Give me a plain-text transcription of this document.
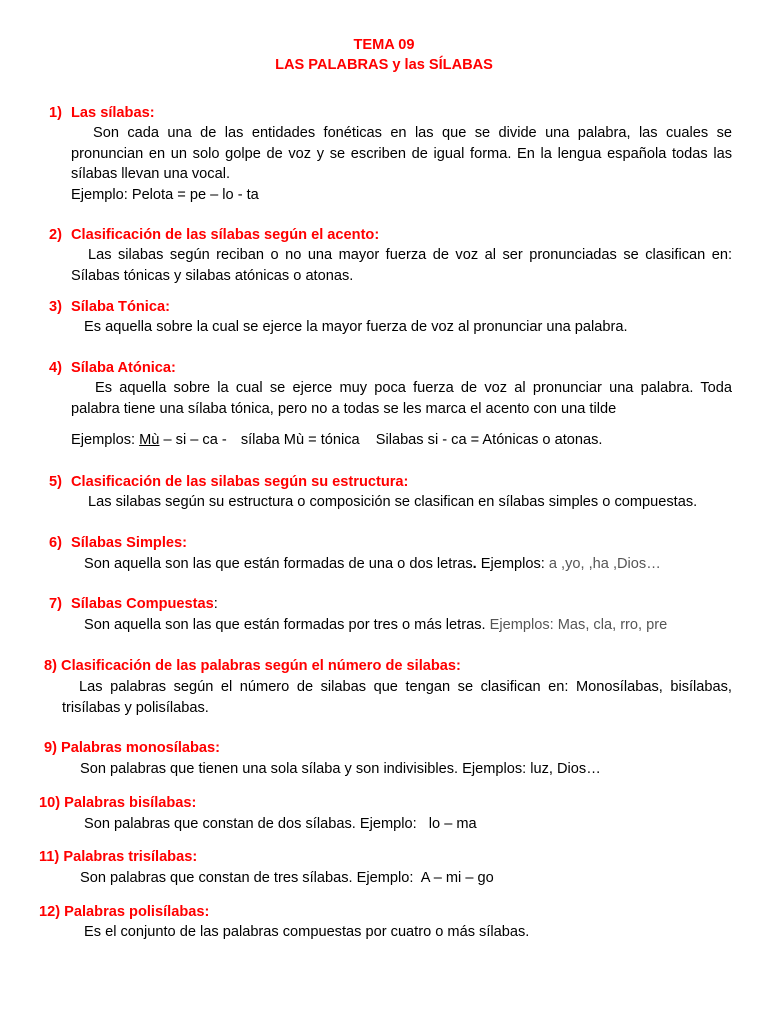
TEMA 09
LAS PALABRAS y las SÍLABAS
1) Las sílabas:
Son cada una de las entidades fonéticas en las que se divide una palabra, las cuales se pronuncian en un solo golpe de voz y se escriben de igual forma. En la lengua española todas las sílabas llevan una vocal.
Ejemplo: Pelota = pe – lo - ta
2) Clasificación de las sílabas según el acento:
Las silabas según reciban o no una mayor fuerza de voz al ser pronunciadas se clasifican en: Sílabas tónicas y silabas atónicas o atonas.
3) Sílaba Tónica:
Es aquella sobre la cual se ejerce la mayor fuerza de voz al pronunciar una palabra.
4) Sílaba Atónica:
Es aquella sobre la cual se ejerce muy poca fuerza de voz al pronunciar una palabra. Toda palabra tiene una sílaba tónica, pero no a todas se les marca el acento con una tilde
Ejemplos: Mù – si – ca - sílaba Mù = tónica Silabas si - ca = Atónicas o atonas.
5) Clasificación de las silabas según su estructura:
Las silabas según su estructura o composición se clasifican en sílabas simples o compuestas.
6) Sílabas Simples:
Son aquella son las que están formadas de una o dos letras. Ejemplos: a ,yo, ,ha ,Dios…
7) Sílabas Compuestas:
Son aquella son las que están formadas por tres o más letras. Ejemplos: Mas, cla, rro, pre
8) Clasificación de las palabras según el número de silabas:
Las palabras según el número de silabas que tengan se clasifican en: Monosílabas, bisílabas, trisílabas y polisílabas.
9) Palabras monosílabas:
Son palabras que tienen una sola sílaba y son indivisibles. Ejemplos: luz, Dios…
10) Palabras bisílabas:
Son palabras que constan de dos sílabas. Ejemplo:   lo – ma
11) Palabras trisílabas:
Son palabras que constan de tres sílabas. Ejemplo:  A – mi – go
12) Palabras polisílabas:
Es el conjunto de las palabras compuestas por cuatro o más sílabas.
